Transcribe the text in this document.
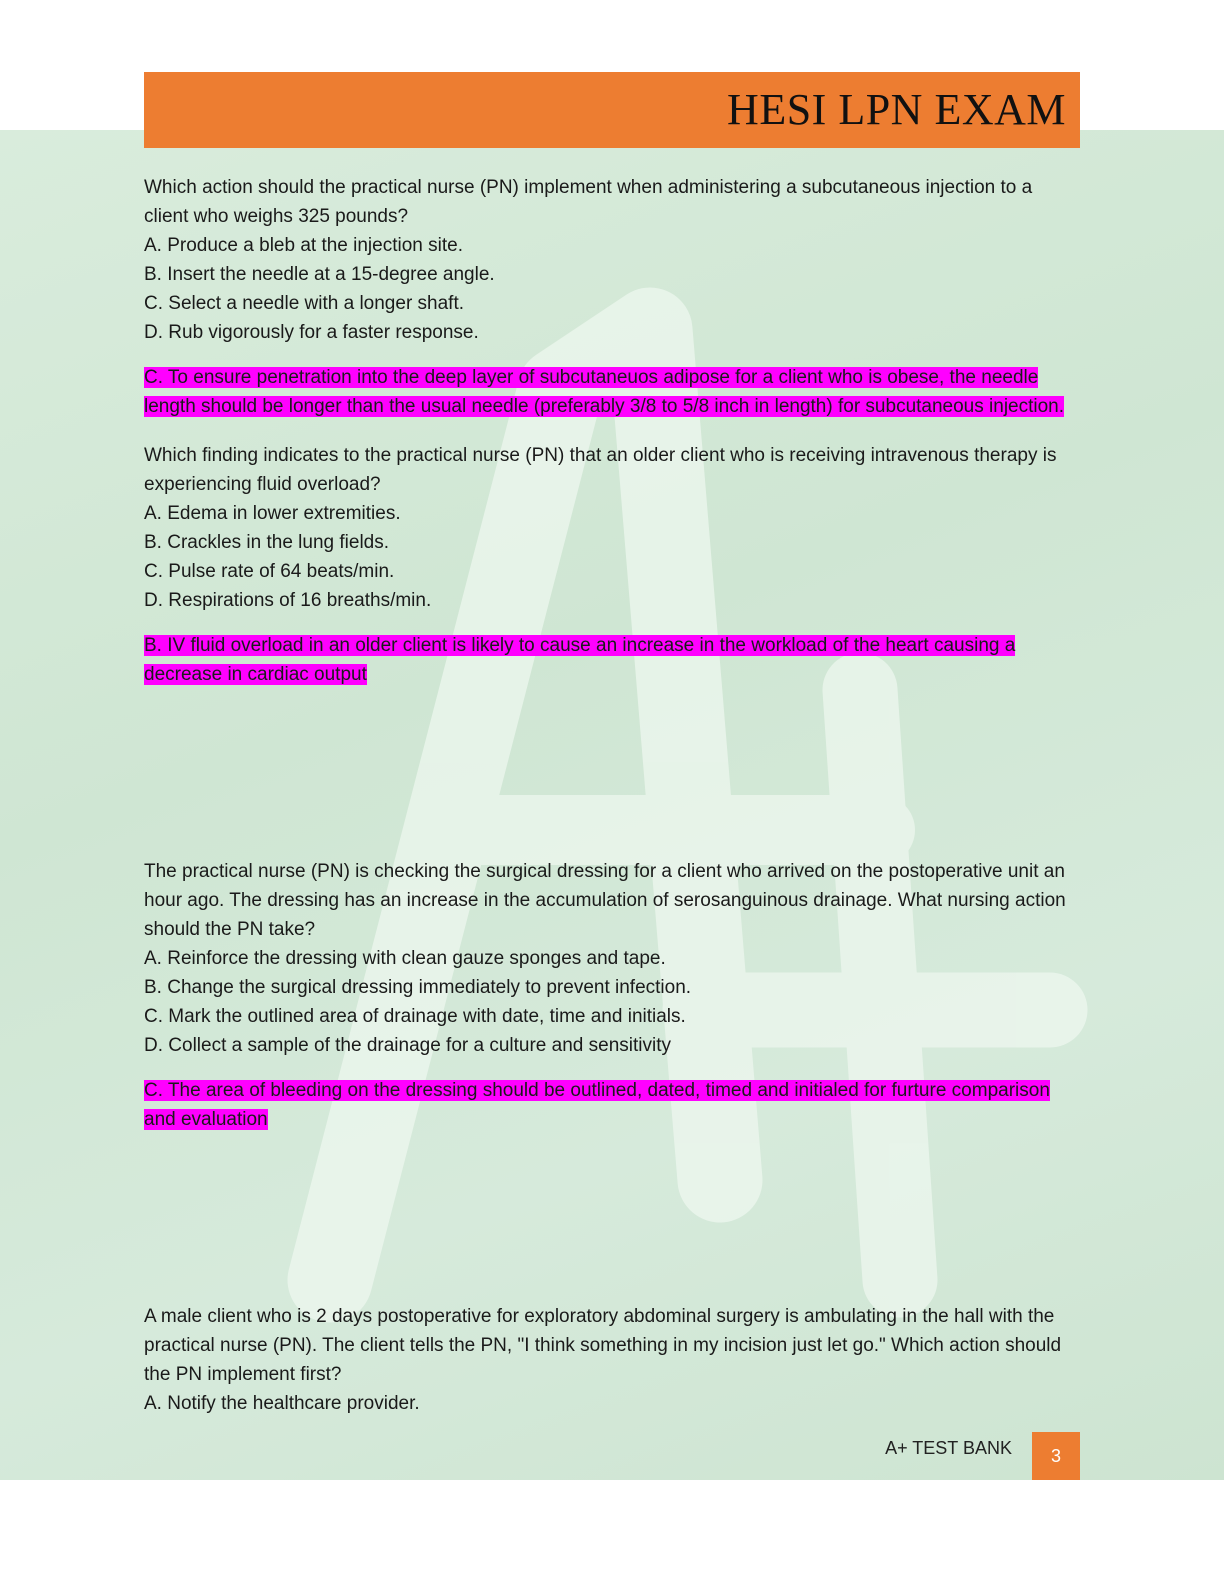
HESI LPN EXAM

Which action should the practical nurse (PN) implement when administering a subcutaneous injection to a client who weighs 325 pounds?

A. Produce a bleb at the injection site.

B. Insert the needle at a 15-degree angle.

C. Select a needle with a longer shaft.

D. Rub vigorously for a faster response.

C. To ensure penetration into the deep layer of subcutaneuos adipose for a client who is obese, the needle length should be longer than the usual needle (preferably 3/8 to 5/8 inch in length) for subcutaneous injection.

Which finding indicates to the practical nurse (PN) that an older client who is receiving intravenous therapy is experiencing fluid overload?

A. Edema in lower extremities.

B. Crackles in the lung fields.

C. Pulse rate of 64 beats/min.

D. Respirations of 16 breaths/min.

B. IV fluid overload in an older client is likely to cause an increase in the workload of the heart causing a decrease in cardiac output

The practical nurse (PN) is checking the surgical dressing for a client who arrived on the postoperative unit an hour ago. The dressing has an increase in the accumulation of serosanguinous drainage. What nursing action should the PN take?

A. Reinforce the dressing with clean gauze sponges and tape.

B. Change the surgical dressing immediately to prevent infection.

C. Mark the outlined area of drainage with date, time and initials.

D. Collect a sample of the drainage for a culture and sensitivity

C. The area of bleeding on the dressing should be outlined, dated, timed and initialed for furture comparison and evaluation

A male client who is 2 days postoperative for exploratory abdominal surgery is ambulating in the hall with the practical nurse (PN). The client tells the PN, "I think something in my incision just let go." Which action should the PN implement first?

A. Notify the healthcare provider.

A+ TEST BANK	3
